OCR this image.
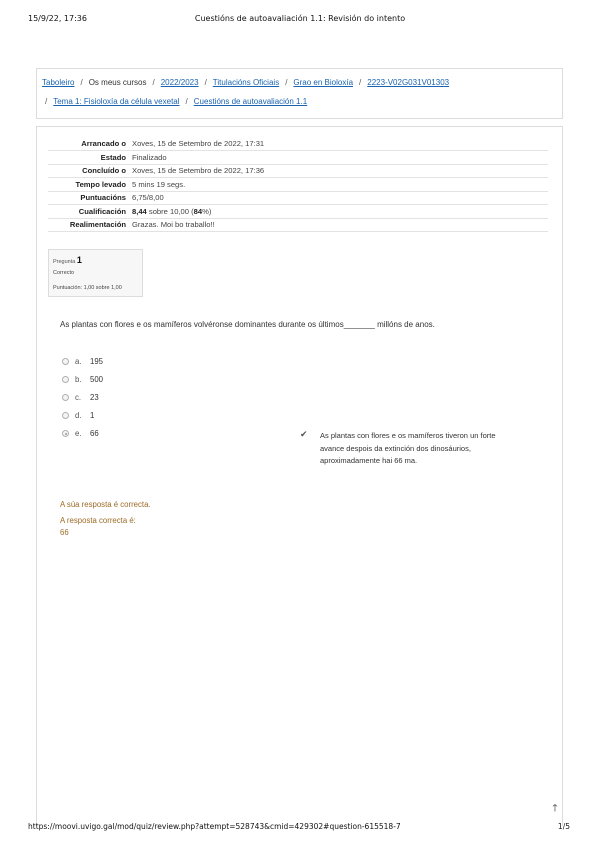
15/9/22, 17:36	Cuestións de autoavaliación 1.1: Revisión do intento
Taboleiro / Os meus cursos / 2022/2023 / Titulacións Oficiais / Grao en Bioloxía / 2223-V02G031V01303
/ Tema 1: Fisioloxía da célula vexetal / Cuestións de autoavaliación 1.1
Arrancado o	Xoves, 15 de Setembro de 2022, 17:31
Estado	Finalizado
Concluído o	Xoves, 15 de Setembro de 2022, 17:36
Tempo levado	5 mins 19 segs.
Puntuacións	6,75/8,00
Cualificación	8,44 sobre 10,00 (84%)
Realimentación	Grazas. Moi bo traballo!!
Pregunta 1
Correcto
Puntuación: 1,00 sobre 1,00
As plantas con flores e os mamíferos volvéronse dominantes durante os últimos_______ millóns de anos.
a. 195
b. 500
c. 23
d. 1
e. 66	✔ As plantas con flores e os mamíferos tiveron un forte avance despois da extinción dos dinosáurios, aproximadamente hai 66 ma.
A súa resposta é correcta.
A resposta correcta é:
66
🡑
https://moovi.uvigo.gal/mod/quiz/review.php?attempt=528743&cmid=429302#question-615518-7	1/5
